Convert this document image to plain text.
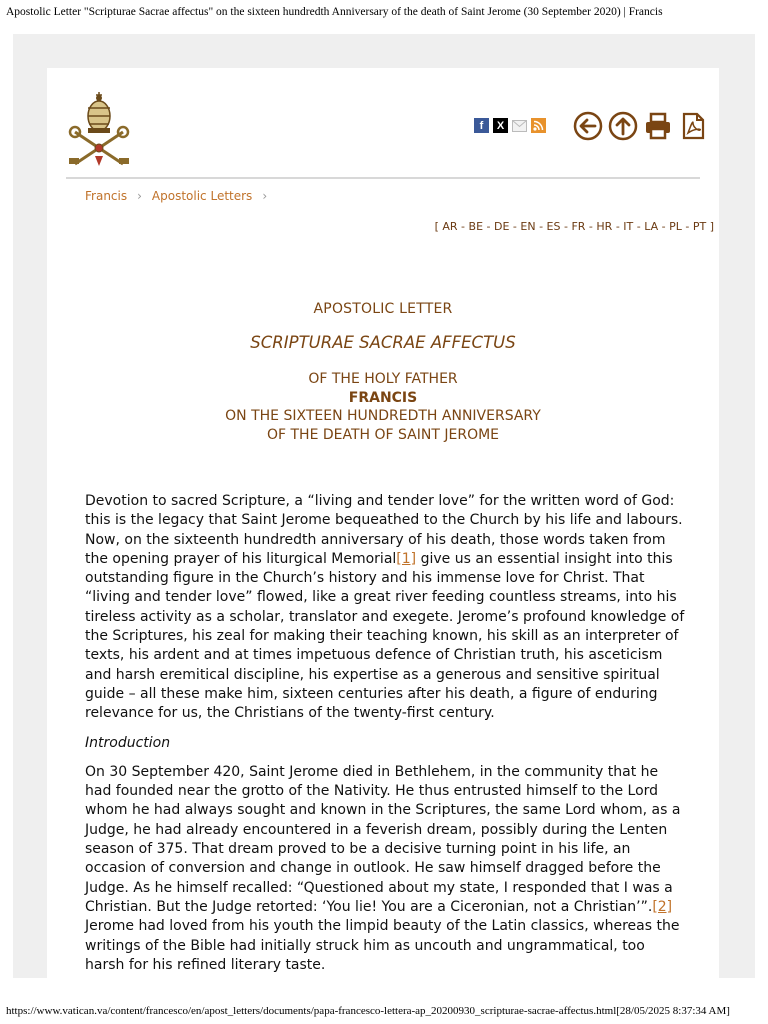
Apostolic Letter "Scripturae Sacrae affectus" on the sixteen hundredth Anniversary of the death of Saint Jerome (30 September 2020) | Francis
f X
Francis › Apostolic Letters ›
[ AR - BE - DE - EN - ES - FR - HR - IT - LA - PL - PT ]
APOSTOLIC LETTER
SCRIPTURAE SACRAE AFFECTUS
OF THE HOLY FATHER
FRANCIS
ON THE SIXTEEN HUNDREDTH ANNIVERSARY
OF THE DEATH OF SAINT JEROME

Devotion to sacred Scripture, a “living and tender love” for the written word of God: this is the legacy that Saint Jerome bequeathed to the Church by his life and labours. Now, on the sixteenth hundredth anniversary of his death, those words taken from the opening prayer of his liturgical Memorial[1] give us an essential insight into this outstanding figure in the Church’s history and his immense love for Christ. That “living and tender love” flowed, like a great river feeding countless streams, into his tireless activity as a scholar, translator and exegete. Jerome’s profound knowledge of the Scriptures, his zeal for making their teaching known, his skill as an interpreter of texts, his ardent and at times impetuous defence of Christian truth, his asceticism and harsh eremitical discipline, his expertise as a generous and sensitive spiritual guide – all these make him, sixteen centuries after his death, a figure of enduring relevance for us, the Christians of the twenty-first century.

Introduction

On 30 September 420, Saint Jerome died in Bethlehem, in the community that he had founded near the grotto of the Nativity. He thus entrusted himself to the Lord whom he had always sought and known in the Scriptures, the same Lord whom, as a Judge, he had already encountered in a feverish dream, possibly during the Lenten season of 375. That dream proved to be a decisive turning point in his life, an occasion of conversion and change in outlook. He saw himself dragged before the Judge. As he himself recalled: “Questioned about my state, I responded that I was a Christian. But the Judge retorted: ‘You lie! You are a Ciceronian, not a Christian’”.[2] Jerome had loved from his youth the limpid beauty of the Latin classics, whereas the writings of the Bible had initially struck him as uncouth and ungrammatical, too harsh for his refined literary taste.

https://www.vatican.va/content/francesco/en/apost_letters/documents/papa-francesco-lettera-ap_20200930_scripturae-sacrae-affectus.html[28/05/2025 8:37:34 AM]
